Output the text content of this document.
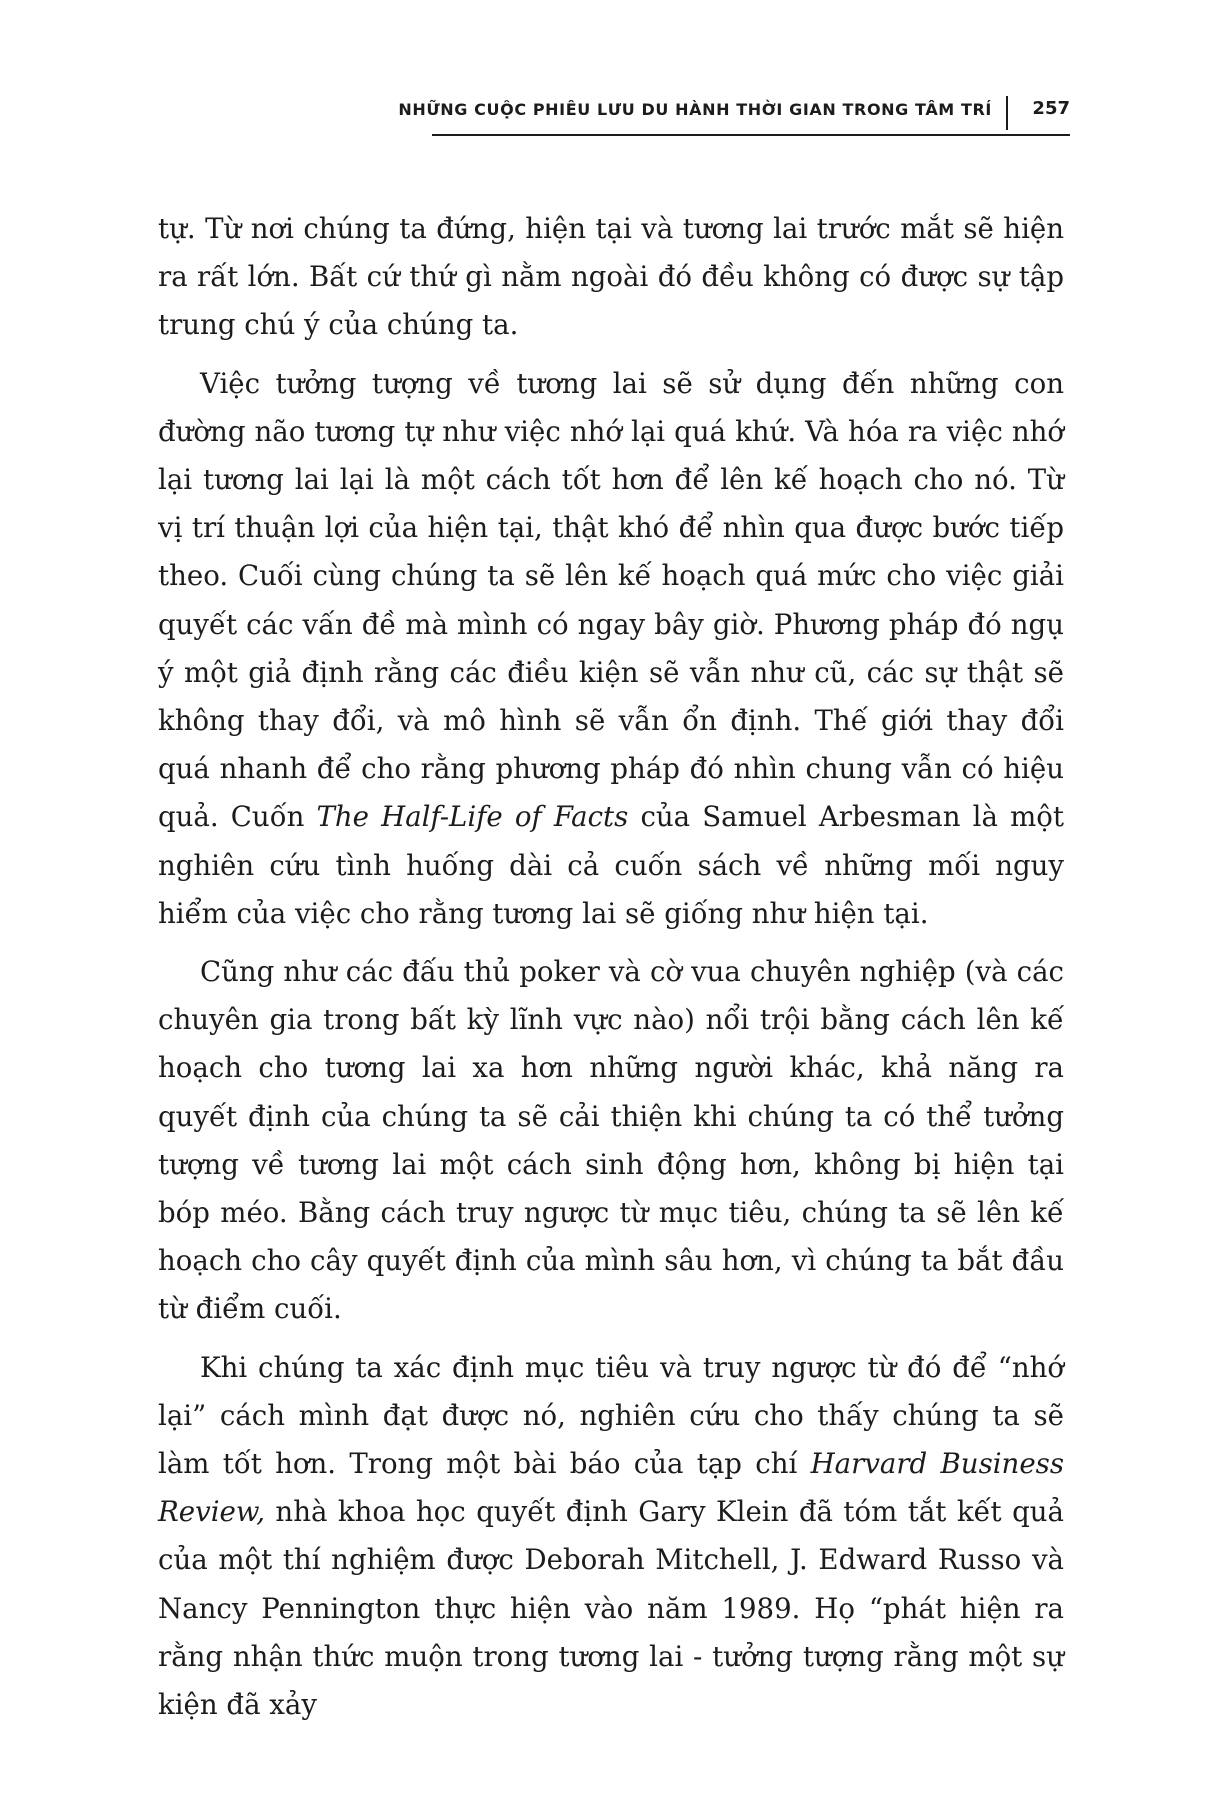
NHỮNG CUỘC PHIÊU LƯU DU HÀNH THỜI GIAN TRONG TÂM TRÍ 257

tự. Từ nơi chúng ta đứng, hiện tại và tương lai trước mắt sẽ hiện ra rất lớn. Bất cứ thứ gì nằm ngoài đó đều không có được sự tập trung chú ý của chúng ta.

Việc tưởng tượng về tương lai sẽ sử dụng đến những con đường não tương tự như việc nhớ lại quá khứ. Và hóa ra việc nhớ lại tương lai lại là một cách tốt hơn để lên kế hoạch cho nó. Từ vị trí thuận lợi của hiện tại, thật khó để nhìn qua được bước tiếp theo. Cuối cùng chúng ta sẽ lên kế hoạch quá mức cho việc giải quyết các vấn đề mà mình có ngay bây giờ. Phương pháp đó ngụ ý một giả định rằng các điều kiện sẽ vẫn như cũ, các sự thật sẽ không thay đổi, và mô hình sẽ vẫn ổn định. Thế giới thay đổi quá nhanh để cho rằng phương pháp đó nhìn chung vẫn có hiệu quả. Cuốn The Half-Life of Facts của Samuel Arbesman là một nghiên cứu tình huống dài cả cuốn sách về những mối nguy hiểm của việc cho rằng tương lai sẽ giống như hiện tại.

Cũng như các đấu thủ poker và cờ vua chuyên nghiệp (và các chuyên gia trong bất kỳ lĩnh vực nào) nổi trội bằng cách lên kế hoạch cho tương lai xa hơn những người khác, khả năng ra quyết định của chúng ta sẽ cải thiện khi chúng ta có thể tưởng tượng về tương lai một cách sinh động hơn, không bị hiện tại bóp méo. Bằng cách truy ngược từ mục tiêu, chúng ta sẽ lên kế hoạch cho cây quyết định của mình sâu hơn, vì chúng ta bắt đầu từ điểm cuối.

Khi chúng ta xác định mục tiêu và truy ngược từ đó để “nhớ lại” cách mình đạt được nó, nghiên cứu cho thấy chúng ta sẽ làm tốt hơn. Trong một bài báo của tạp chí Harvard Business Review, nhà khoa học quyết định Gary Klein đã tóm tắt kết quả của một thí nghiệm được Deborah Mitchell, J. Edward Russo và Nancy Pennington thực hiện vào năm 1989. Họ “phát hiện ra rằng nhận thức muộn trong tương lai - tưởng tượng rằng một sự kiện đã xảy
